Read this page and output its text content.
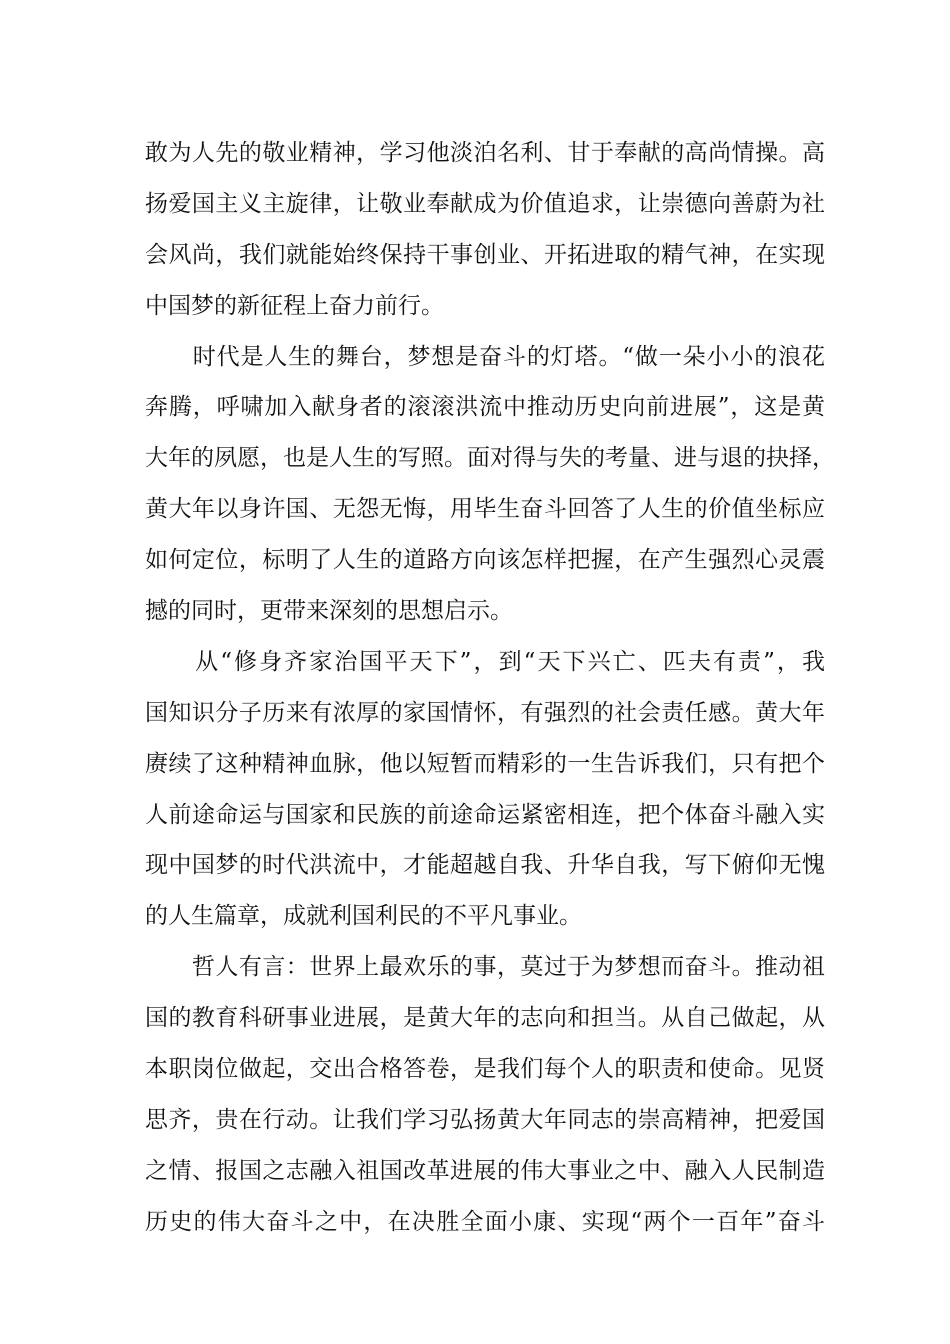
敢为人先的敬业精神，学习他淡泊名利、甘于奉献的高尚情操。高
扬爱国主义主旋律，让敬业奉献成为价值追求，让崇德向善蔚为社
会风尚，我们就能始终保持干事创业、开拓进取的精气神，在实现
中国梦的新征程上奋力前行。
　　时代是人生的舞台，梦想是奋斗的灯塔。“做一朵小小的浪花
奔腾，呼啸加入献身者的滚滚洪流中推动历史向前进展”，这是黄
大年的夙愿，也是人生的写照。面对得与失的考量、进与退的抉择，
黄大年以身许国、无怨无悔，用毕生奋斗回答了人生的价值坐标应
如何定位，标明了人生的道路方向该怎样把握，在产生强烈心灵震
撼的同时，更带来深刻的思想启示。
　　从“修身齐家治国平天下”，到“天下兴亡、匹夫有责”，我
国知识分子历来有浓厚的家国情怀，有强烈的社会责任感。黄大年
赓续了这种精神血脉，他以短暂而精彩的一生告诉我们，只有把个
人前途命运与国家和民族的前途命运紧密相连，把个体奋斗融入实
现中国梦的时代洪流中，才能超越自我、升华自我，写下俯仰无愧
的人生篇章，成就利国利民的不平凡事业。
　　哲人有言：世界上最欢乐的事，莫过于为梦想而奋斗。推动祖
国的教育科研事业进展，是黄大年的志向和担当。从自己做起，从
本职岗位做起，交出合格答卷，是我们每个人的职责和使命。见贤
思齐，贵在行动。让我们学习弘扬黄大年同志的崇高精神，把爱国
之情、报国之志融入祖国改革进展的伟大事业之中、融入人民制造
历史的伟大奋斗之中，在决胜全面小康、实现“两个一百年”奋斗
